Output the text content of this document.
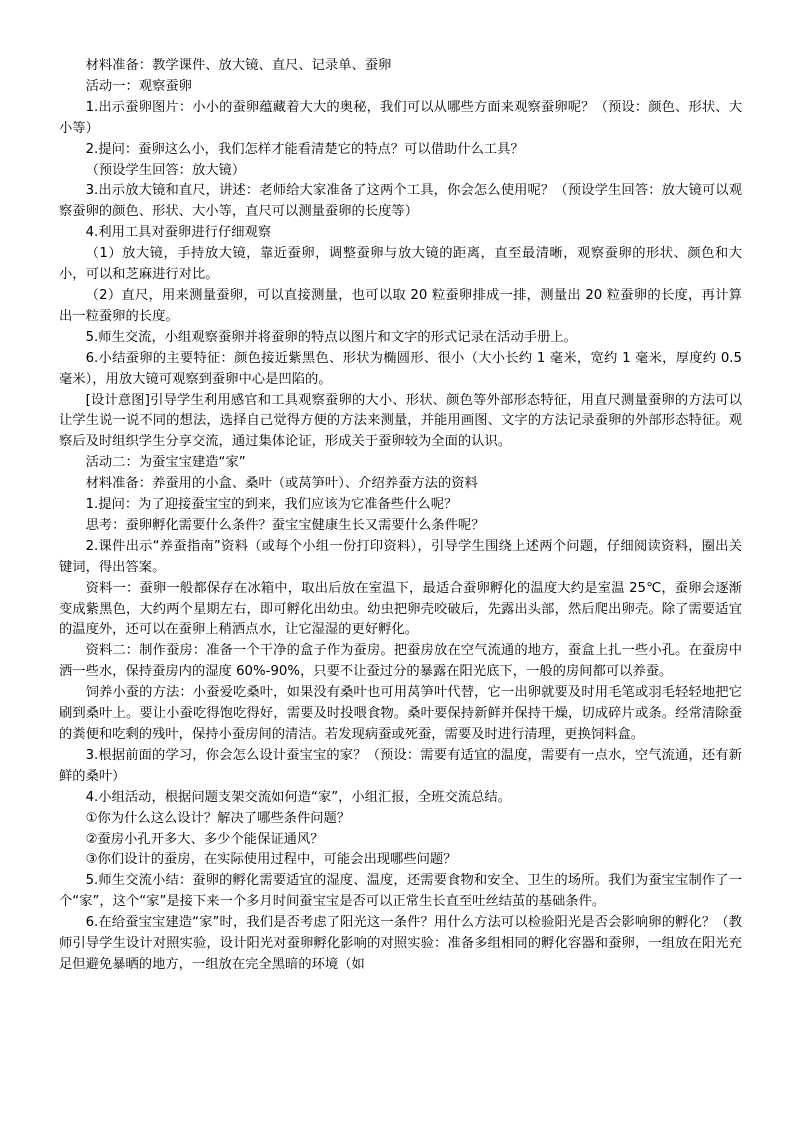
材料准备：教学课件、放大镜、直尺、记录单、蚕卵

活动一：观察蚕卵

1.出示蚕卵图片：小小的蚕卵蕴藏着大大的奥秘，我们可以从哪些方面来观察蚕卵呢？（预设：颜色、形状、大小等）

2.提问：蚕卵这么小，我们怎样才能看清楚它的特点？可以借助什么工具？

（预设学生回答：放大镜）

3.出示放大镜和直尺，讲述：老师给大家准备了这两个工具，你会怎么使用呢？（预设学生回答：放大镜可以观察蚕卵的颜色、形状、大小等，直尺可以测量蚕卵的长度等）

4.利用工具对蚕卵进行仔细观察

（1）放大镜，手持放大镜，靠近蚕卵，调整蚕卵与放大镜的距离，直至最清晰，观察蚕卵的形状、颜色和大小，可以和芝麻进行对比。

（2）直尺，用来测量蚕卵，可以直接测量，也可以取 20 粒蚕卵排成一排，测量出 20 粒蚕卵的长度，再计算出一粒蚕卵的长度。

5.师生交流，小组观察蚕卵并将蚕卵的特点以图片和文字的形式记录在活动手册上。

6.小结蚕卵的主要特征：颜色接近紫黑色、形状为椭圆形、很小（大小长约 1 毫米，宽约 1 毫米，厚度约 0.5 毫米），用放大镜可观察到蚕卵中心是凹陷的。

[设计意图]引导学生利用感官和工具观察蚕卵的大小、形状、颜色等外部形态特征，用直尺测量蚕卵的方法可以让学生说一说不同的想法，选择自己觉得方便的方法来测量，并能用画图、文字的方法记录蚕卵的外部形态特征。观察后及时组织学生分享交流，通过集体论证，形成关于蚕卵较为全面的认识。

活动二：为蚕宝宝建造“家”

材料准备：养蚕用的小盒、桑叶（或莴笋叶）、介绍养蚕方法的资料

1.提问：为了迎接蚕宝宝的到来，我们应该为它准备些什么呢？

思考：蚕卵孵化需要什么条件？蚕宝宝健康生长又需要什么条件呢？

2.课件出示“养蚕指南”资料（或每个小组一份打印资料），引导学生围绕上述两个问题，仔细阅读资料，圈出关键词，得出答案。

资料一：蚕卵一般都保存在冰箱中，取出后放在室温下，最适合蚕卵孵化的温度大约是室温 25℃，蚕卵会逐渐变成紫黑色，大约两个星期左右，即可孵化出幼虫。幼虫把卵壳咬破后，先露出头部，然后爬出卵壳。除了需要适宜的温度外，还可以在蚕卵上稍洒点水，让它湿湿的更好孵化。

资料二：制作蚕房：准备一个干净的盒子作为蚕房。把蚕房放在空气流通的地方，蚕盒上扎一些小孔。在蚕房中洒一些水，保持蚕房内的湿度 60%-90%，只要不让蚕过分的暴露在阳光底下，一般的房间都可以养蚕。

饲养小蚕的方法：小蚕爱吃桑叶，如果没有桑叶也可用莴笋叶代替，它一出卵就要及时用毛笔或羽毛轻轻地把它刷到桑叶上。要让小蚕吃得饱吃得好，需要及时投喂食物。桑叶要保持新鲜并保持干燥，切成碎片或条。经常清除蚕的粪便和吃剩的残叶，保持小蚕房间的清洁。若发现病蚕或死蚕，需要及时进行清理，更换饲料盒。

3.根据前面的学习，你会怎么设计蚕宝宝的家？（预设：需要有适宜的温度，需要有一点水，空气流通，还有新鲜的桑叶）

4.小组活动，根据问题支架交流如何造“家”，小组汇报，全班交流总结。

①你为什么这么设计？解决了哪些条件问题？

②蚕房小孔开多大、多少个能保证通风？

③你们设计的蚕房，在实际使用过程中，可能会出现哪些问题？

5.师生交流小结：蚕卵的孵化需要适宜的湿度、温度，还需要食物和安全、卫生的场所。我们为蚕宝宝制作了一个“家”，这个“家”是接下来一个多月时间蚕宝宝是否可以正常生长直至吐丝结茧的基础条件。

6.在给蚕宝宝建造“家”时，我们是否考虑了阳光这一条件？用什么方法可以检验阳光是否会影响卵的孵化？（教师引导学生设计对照实验，设计阳光对蚕卵孵化影响的对照实验：准备多组相同的孵化容器和蚕卵，一组放在阳光充足但避免暴晒的地方，一组放在完全黑暗的环境（如
